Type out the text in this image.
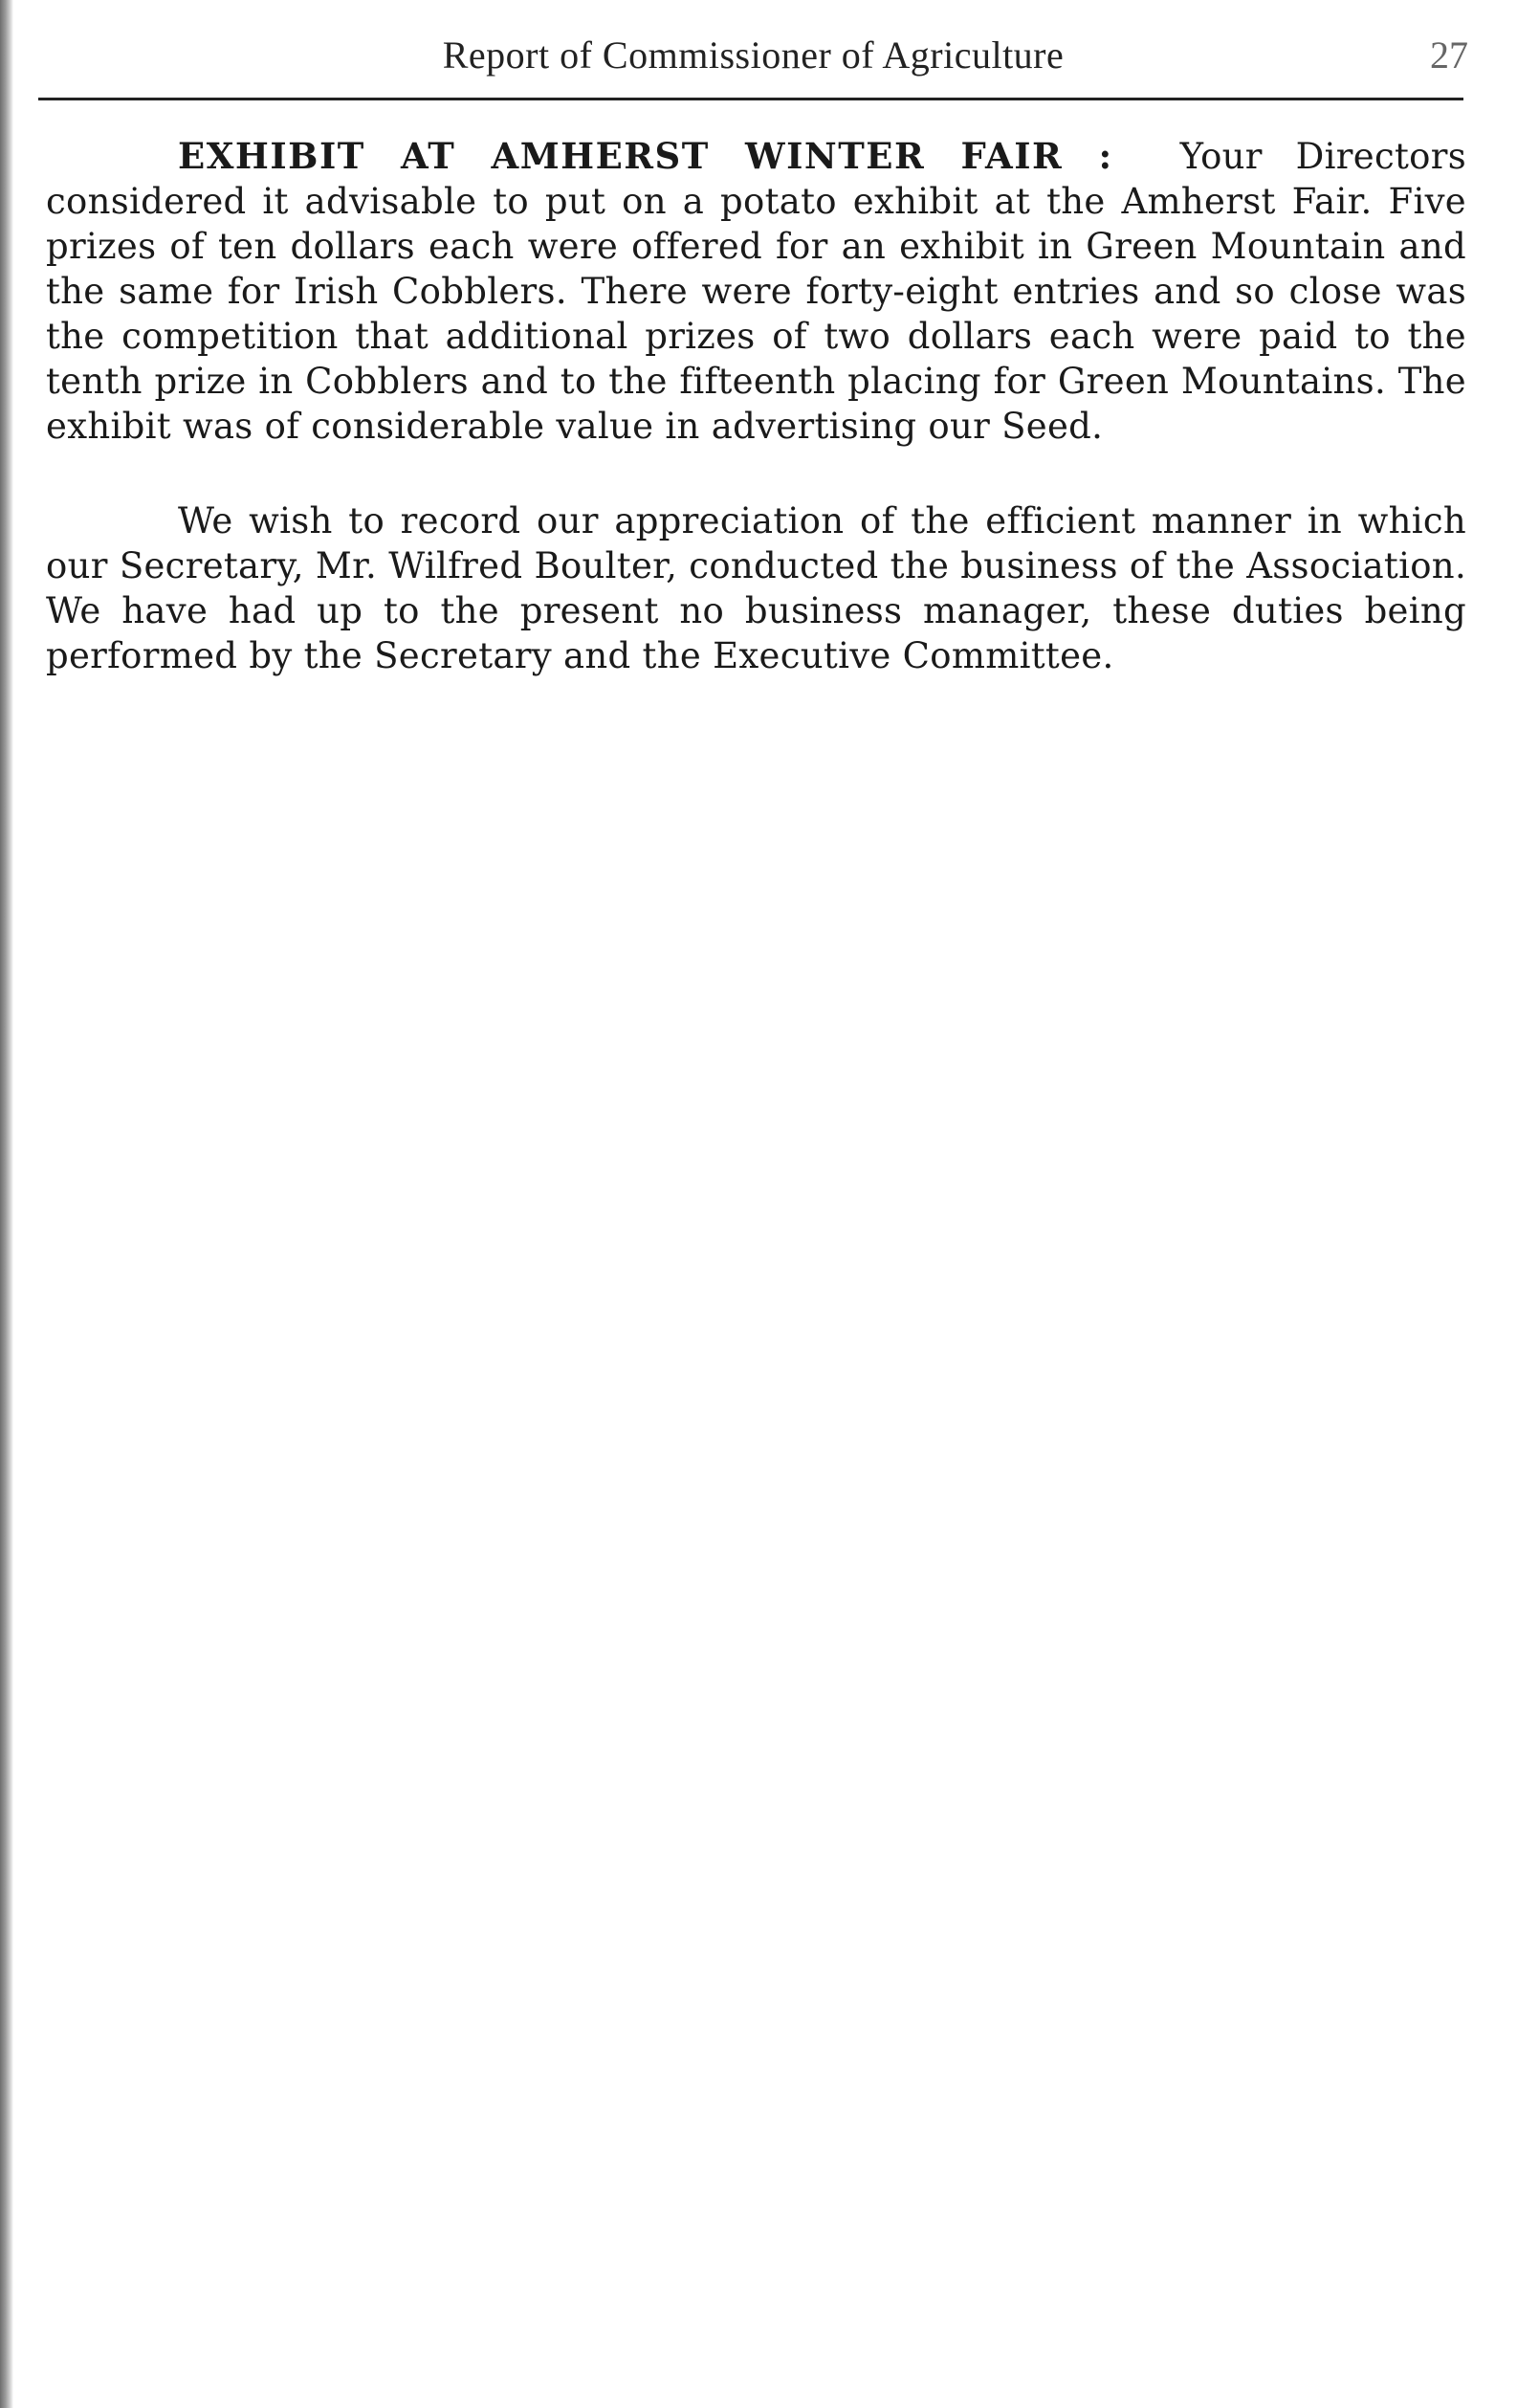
Report of Commissioner of Agriculture	27

EXHIBIT AT AMHERST WINTER FAIR : Your Directors considered it advisable to put on a potato exhibit at the Amherst Fair. Five prizes of ten dollars each were offered for an exhibit in Green Mountain and the same for Irish Cobblers. There were forty-eight entries and so close was the competition that additional prizes of two dollars each were paid to the tenth prize in Cobblers and to the fifteenth placing for Green Mountains. The exhibit was of considerable value in advertising our Seed.

We wish to record our appreciation of the efficient manner in which our Secretary, Mr. Wilfred Boulter, conducted the business of the Association. We have had up to the present no business manager, these duties being performed by the Secretary and the Executive Committee.
